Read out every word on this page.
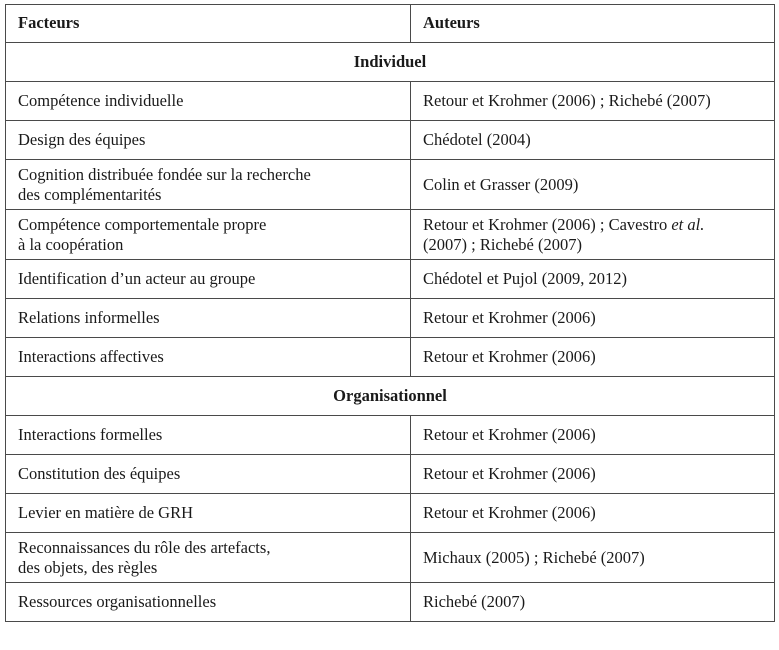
Facteurs	Auteurs
Individuel	

Compétence individuelle	Retour et Krohmer (2006) ; Richebé (2007)

Design des équipes	Chédotel (2004)

Cognition distribuée fondée sur la recherche
des complémentarités	Colin et Grasser (2009)

Compétence comportementale propre
à la coopération	Retour et Krohmer (2006) ; Cavestro et al.
(2007) ; Richebé (2007)

Identification d’un acteur au groupe	Chédotel et Pujol (2009, 2012)

Relations informelles	Retour et Krohmer (2006)

Interactions affectives	Retour et Krohmer (2006)

Organisationnel	

Interactions formelles	Retour et Krohmer (2006)

Constitution des équipes	Retour et Krohmer (2006)

Levier en matière de GRH	Retour et Krohmer (2006)

Reconnaissances du rôle des artefacts,
des objets, des règles	Michaux (2005) ; Richebé (2007)

Ressources organisationnelles	Richebé (2007)
